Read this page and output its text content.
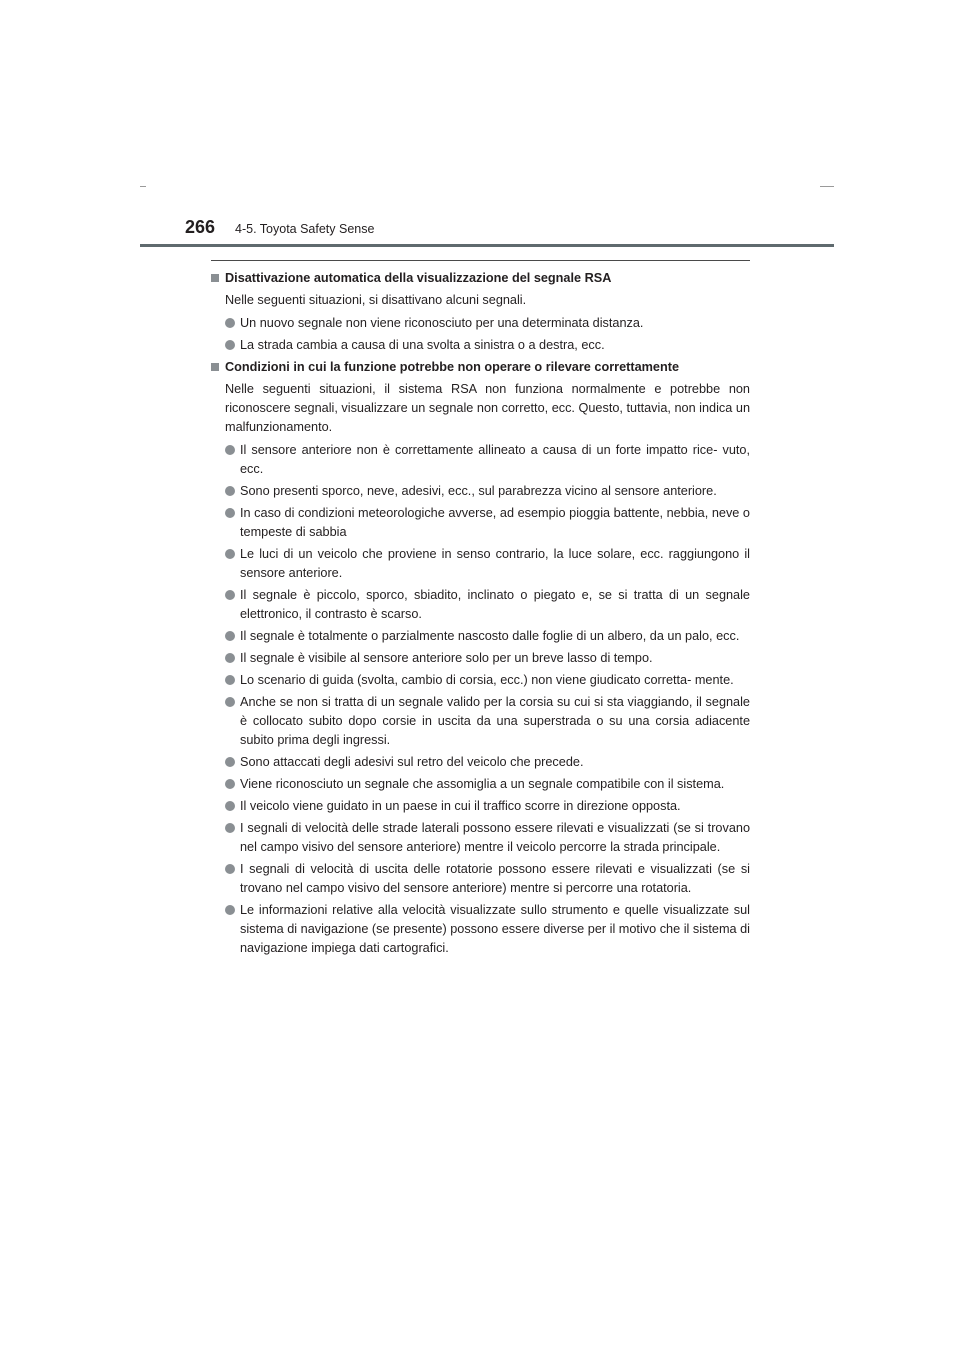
266 4-5. Toyota Safety Sense
Disattivazione automatica della visualizzazione del segnale RSA
Nelle seguenti situazioni, si disattivano alcuni segnali.
Un nuovo segnale non viene riconosciuto per una determinata distanza.
La strada cambia a causa di una svolta a sinistra o a destra, ecc.
Condizioni in cui la funzione potrebbe non operare o rilevare correttamente
Nelle seguenti situazioni, il sistema RSA non funziona normalmente e potrebbe non riconoscere segnali, visualizzare un segnale non corretto, ecc. Questo, tuttavia, non indica un malfunzionamento.
Il sensore anteriore non è correttamente allineato a causa di un forte impatto rice- vuto, ecc.
Sono presenti sporco, neve, adesivi, ecc., sul parabrezza vicino al sensore anteriore.
In caso di condizioni meteorologiche avverse, ad esempio pioggia battente, nebbia, neve o tempeste di sabbia
Le luci di un veicolo che proviene in senso contrario, la luce solare, ecc. raggiungono il sensore anteriore.
Il segnale è piccolo, sporco, sbiadito, inclinato o piegato e, se si tratta di un segnale elettronico, il contrasto è scarso.
Il segnale è totalmente o parzialmente nascosto dalle foglie di un albero, da un palo, ecc.
Il segnale è visibile al sensore anteriore solo per un breve lasso di tempo.
Lo scenario di guida (svolta, cambio di corsia, ecc.) non viene giudicato corretta- mente.
Anche se non si tratta di un segnale valido per la corsia su cui si sta viaggiando, il segnale è collocato subito dopo corsie in uscita da una superstrada o su una corsia adiacente subito prima degli ingressi.
Sono attaccati degli adesivi sul retro del veicolo che precede.
Viene riconosciuto un segnale che assomiglia a un segnale compatibile con il sistema.
Il veicolo viene guidato in un paese in cui il traffico scorre in direzione opposta.
I segnali di velocità delle strade laterali possono essere rilevati e visualizzati (se si trovano nel campo visivo del sensore anteriore) mentre il veicolo percorre la strada principale.
I segnali di velocità di uscita delle rotatorie possono essere rilevati e visualizzati (se si trovano nel campo visivo del sensore anteriore) mentre si percorre una rotatoria.
Le informazioni relative alla velocità visualizzate sullo strumento e quelle visualizzate sul sistema di navigazione (se presente) possono essere diverse per il motivo che il sistema di navigazione impiega dati cartografici.
